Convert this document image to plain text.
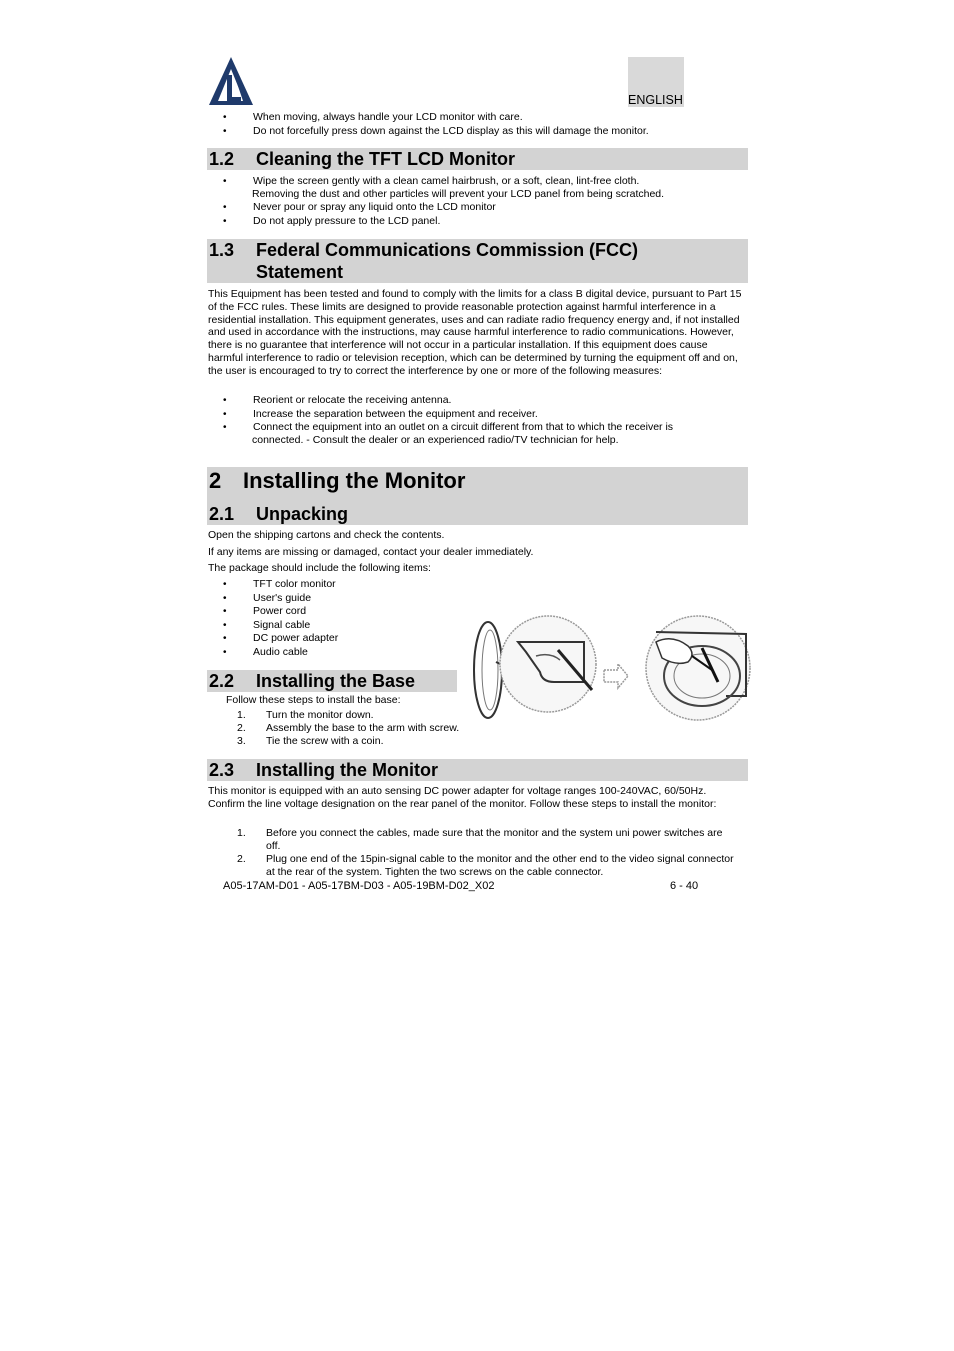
ENGLISH
• When moving, always handle your LCD monitor with care.
• Do not forcefully press down against the LCD display as this will damage the monitor.
1.2 Cleaning the TFT LCD Monitor
• Wipe the screen gently with a clean camel hairbrush, or a soft, clean, lint-free cloth.
Removing the dust and other particles will prevent your LCD panel from being scratched.
• Never pour or spray any liquid onto the LCD monitor
• Do not apply pressure to the LCD panel.
1.3 Federal Communications Commission (FCC)
Statement
This Equipment has been tested and found to comply with the limits for a class B digital device, pursuant to Part 15 of the FCC rules. These limits are designed to provide reasonable protection against harmful interference in a residential installation. This equipment generates, uses and can radiate radio frequency energy and, if not installed and used in accordance with the instructions, may cause harmful interference to radio communications. However, there is no guarantee that interference will not occur in a particular installation. If this equipment does cause harmful interference to radio or television reception, which can be determined by turning the equipment off and on, the user is encouraged to try to correct the interference by one or more of the following measures:
• Reorient or relocate the receiving antenna.
• Increase the separation between the equipment and receiver.
• Connect the equipment into an outlet on a circuit different from that to which the receiver is
connected. - Consult the dealer or an experienced radio/TV technician for help.
2 Installing the Monitor
2.1 Unpacking
Open the shipping cartons and check the contents.
If any items are missing or damaged, contact your dealer immediately.
The package should include the following items:
• TFT color monitor
• User's guide
• Power cord
• Signal cable
• DC power adapter
• Audio cable
2.2 Installing the Base
Follow these steps to install the base:
1. Turn the monitor down.
2. Assembly the base to the arm with screw.
3. Tie the screw with a coin.
2.3 Installing the Monitor
This monitor is equipped with an auto sensing DC power adapter for voltage ranges 100-240VAC, 60/50Hz. Confirm the line voltage designation on the rear panel of the monitor. Follow these steps to install the monitor:
1. Before you connect the cables, made sure that the monitor and the system uni power switches are off.
2. Plug one end of the 15pin-signal cable to the monitor and the other end to the video signal connector at the rear of the system. Tighten the two screws on the cable connector.
A05-17AM-D01 - A05-17BM-D03 - A05-19BM-D02_X02	6 - 40
